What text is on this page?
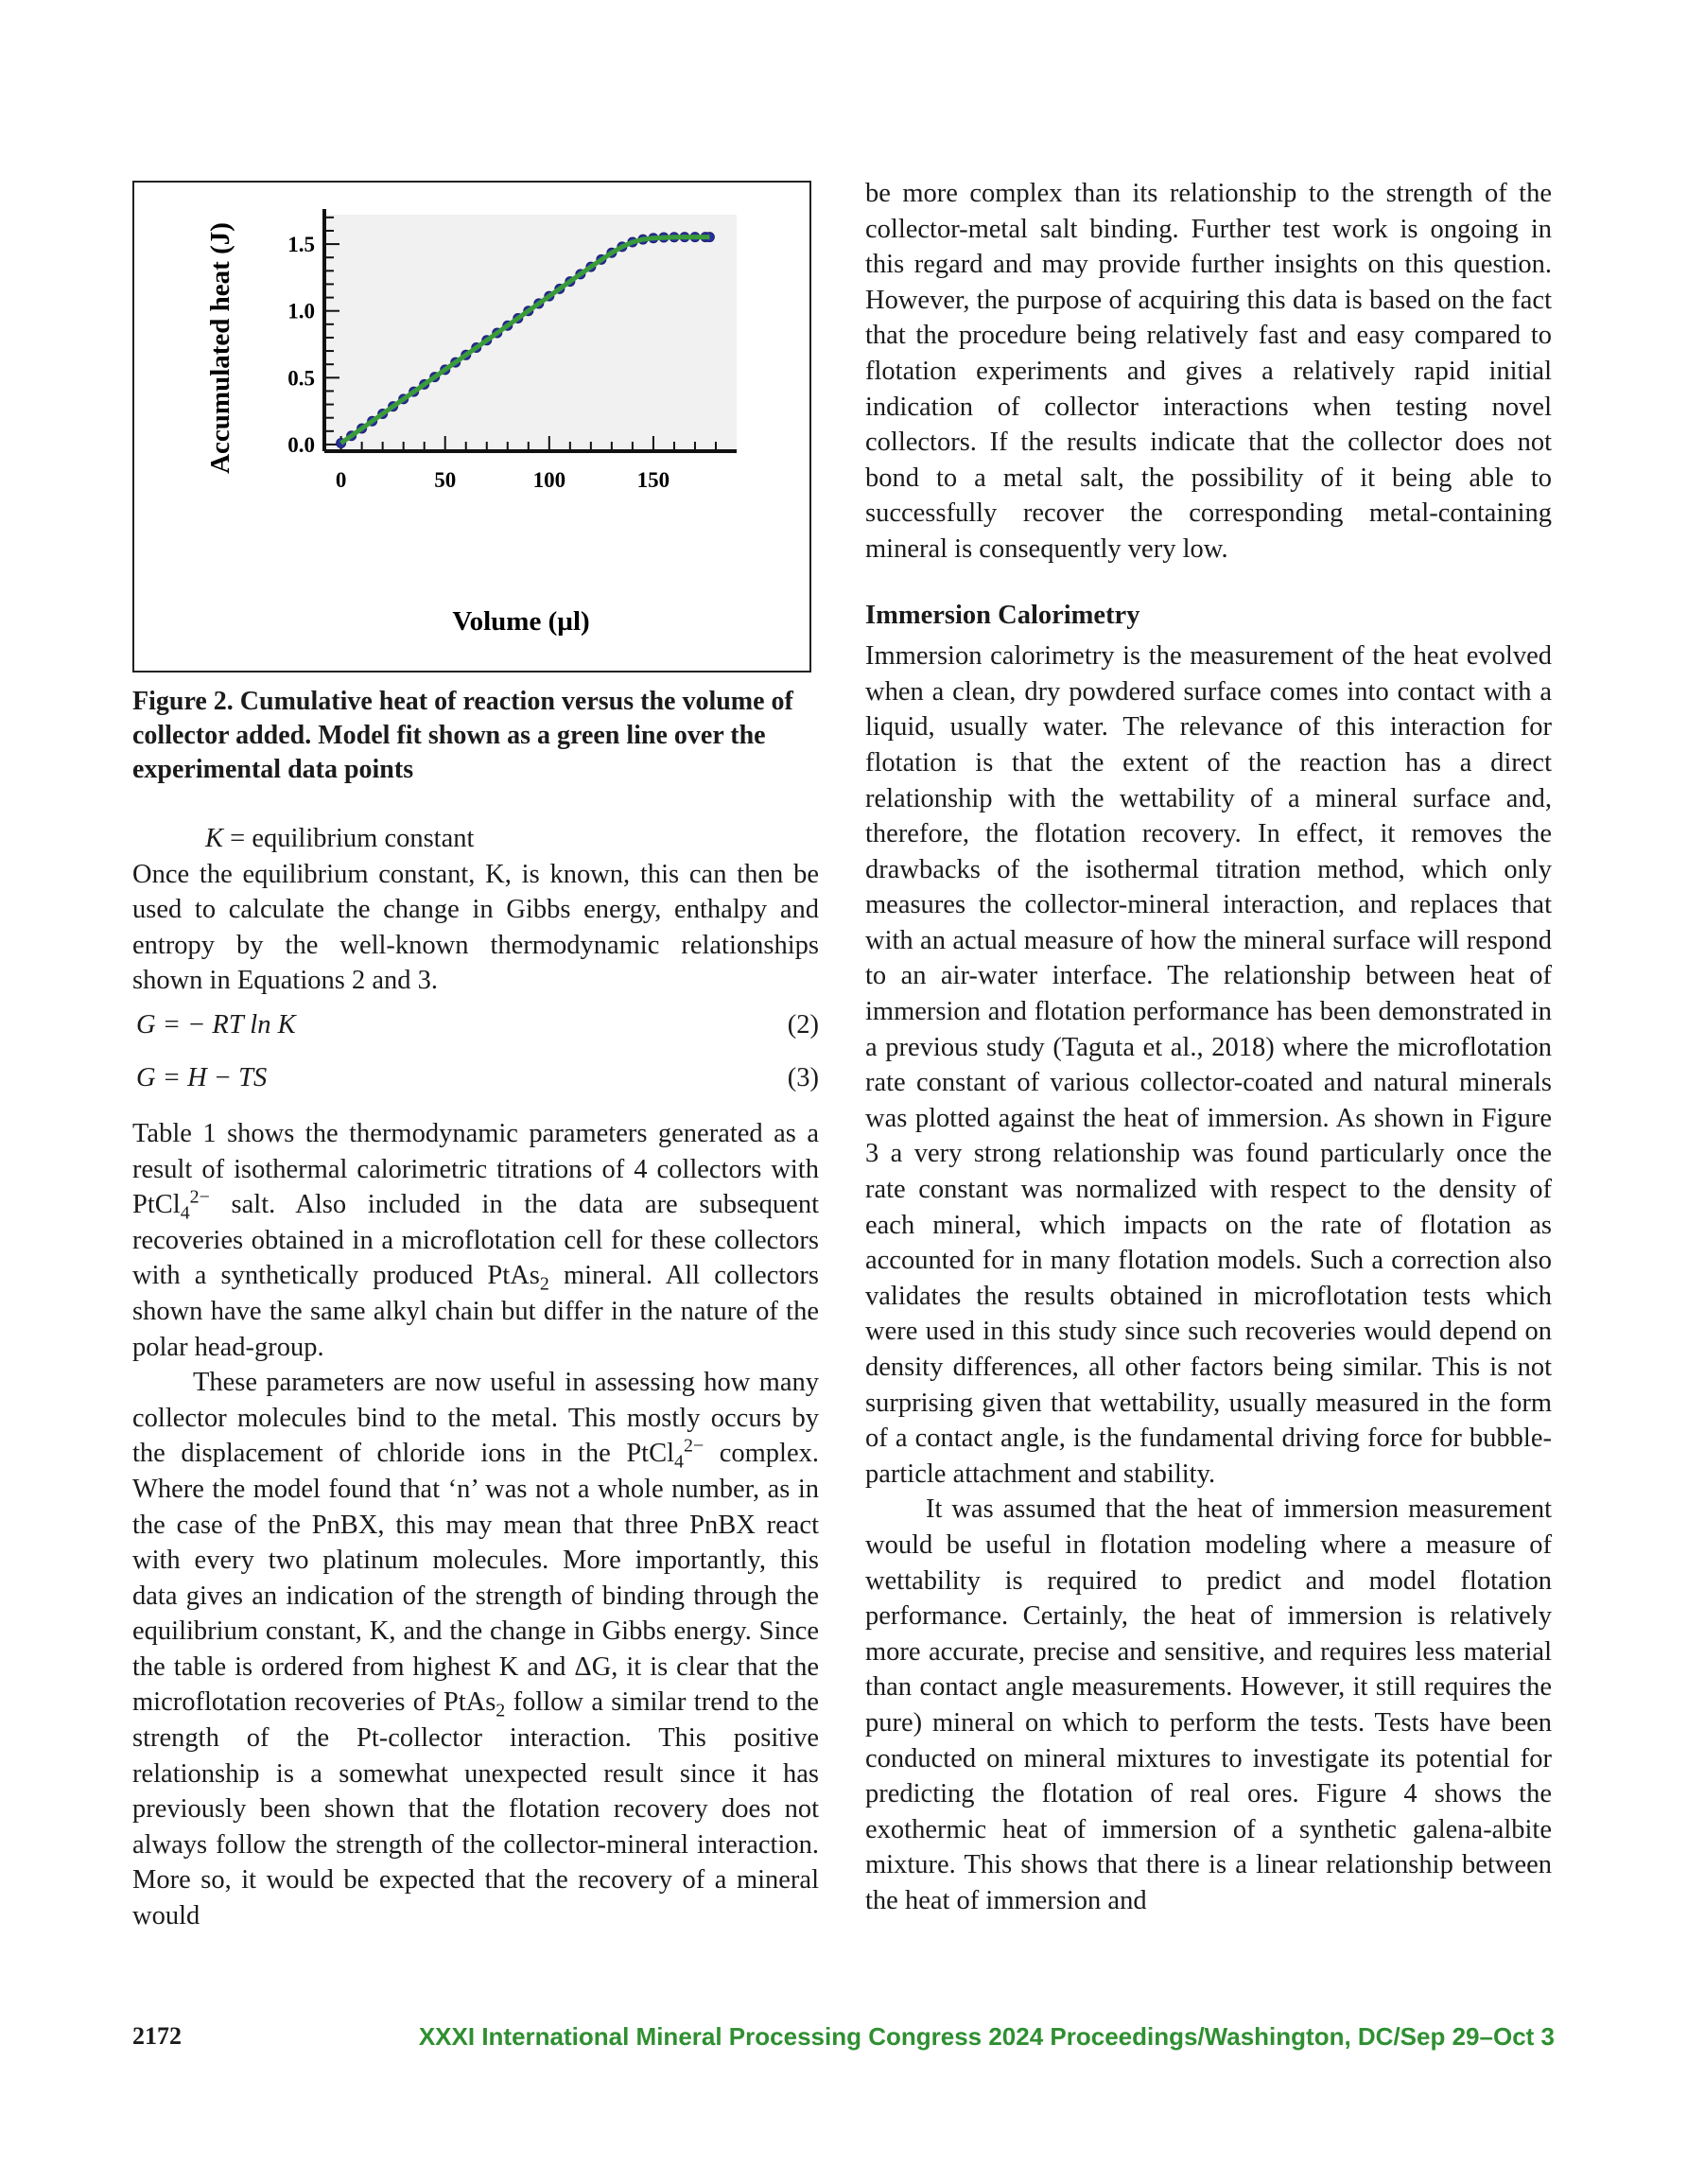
0	50	100	150
0.0
0.5
1.0
1.5
Accumulated heat (J)
Volume (µl)
Figure 2. Cumulative heat of reaction versus the volume of collector added. Model fit shown as a green line over the experimental data points

K = equilibrium constant

Once the equilibrium constant, K, is known, this can then be used to calculate the change in Gibbs energy, enthalpy and entropy by the well-known thermodynamic relationships shown in Equations 2 and 3.

G = − RT ln K	(2)
G = H − TS	(3)

Table 1 shows the thermodynamic parameters generated as a result of isothermal calorimetric titrations of 4 collectors with PtCl$_4^{2-}$ salt. Also included in the data are subsequent recoveries obtained in a microflotation cell for these collectors with a synthetically produced PtAs$_2$ mineral. All collectors shown have the same alkyl chain but differ in the nature of the polar head-group.

These parameters are now useful in assessing how many collector molecules bind to the metal. This mostly occurs by the displacement of chloride ions in the PtCl$_4^{2-}$ complex. Where the model found that ‘n’ was not a whole number, as in the case of the PnBX, this may mean that three PnBX react with every two platinum molecules. More importantly, this data gives an indication of the strength of binding through the equilibrium constant, K, and the change in Gibbs energy. Since the table is ordered from highest K and ΔG, it is clear that the microflotation recoveries of PtAs$_2$ follow a similar trend to the strength of the Pt-collector interaction. This positive relationship is a somewhat unexpected result since it has previously been shown that the flotation recovery does not always follow the strength of the collector-mineral interaction. More so, it would be expected that the recovery of a mineral would

be more complex than its relationship to the strength of the collector-metal salt binding. Further test work is ongoing in this regard and may provide further insights on this question. However, the purpose of acquiring this data is based on the fact that the procedure being relatively fast and easy compared to flotation experiments and gives a relatively rapid initial indication of collector interactions when testing novel collectors. If the results indicate that the collector does not bond to a metal salt, the possibility of it being able to successfully recover the corresponding metal-containing mineral is consequently very low.

Immersion Calorimetry

Immersion calorimetry is the measurement of the heat evolved when a clean, dry powdered surface comes into contact with a liquid, usually water. The relevance of this interaction for flotation is that the extent of the reaction has a direct relationship with the wettability of a mineral surface and, therefore, the flotation recovery. In effect, it removes the drawbacks of the isothermal titration method, which only measures the collector-mineral interaction, and replaces that with an actual measure of how the mineral surface will respond to an air-water interface. The relationship between heat of immersion and flotation performance has been demonstrated in a previous study (Taguta et al., 2018) where the microflotation rate constant of various collector-coated and natural minerals was plotted against the heat of immersion. As shown in Figure 3 a very strong relationship was found particularly once the rate constant was normalized with respect to the density of each mineral, which impacts on the rate of flotation as accounted for in many flotation models. Such a correction also validates the results obtained in microflotation tests which were used in this study since such recoveries would depend on density differences, all other factors being similar. This is not surprising given that wettability, usually measured in the form of a contact angle, is the fundamental driving force for bubble-particle attachment and stability.

It was assumed that the heat of immersion measurement would be useful in flotation modeling where a measure of wettability is required to predict and model flotation performance. Certainly, the heat of immersion is relatively more accurate, precise and sensitive, and requires less material than contact angle measurements. However, it still requires the pure) mineral on which to perform the tests. Tests have been conducted on mineral mixtures to investigate its potential for predicting the flotation of real ores. Figure 4 shows the exothermic heat of immersion of a synthetic galena-albite mixture. This shows that there is a linear relationship between the heat of immersion and

2172	XXXI International Mineral Processing Congress 2024 Proceedings/Washington, DC/Sep 29–Oct 3
